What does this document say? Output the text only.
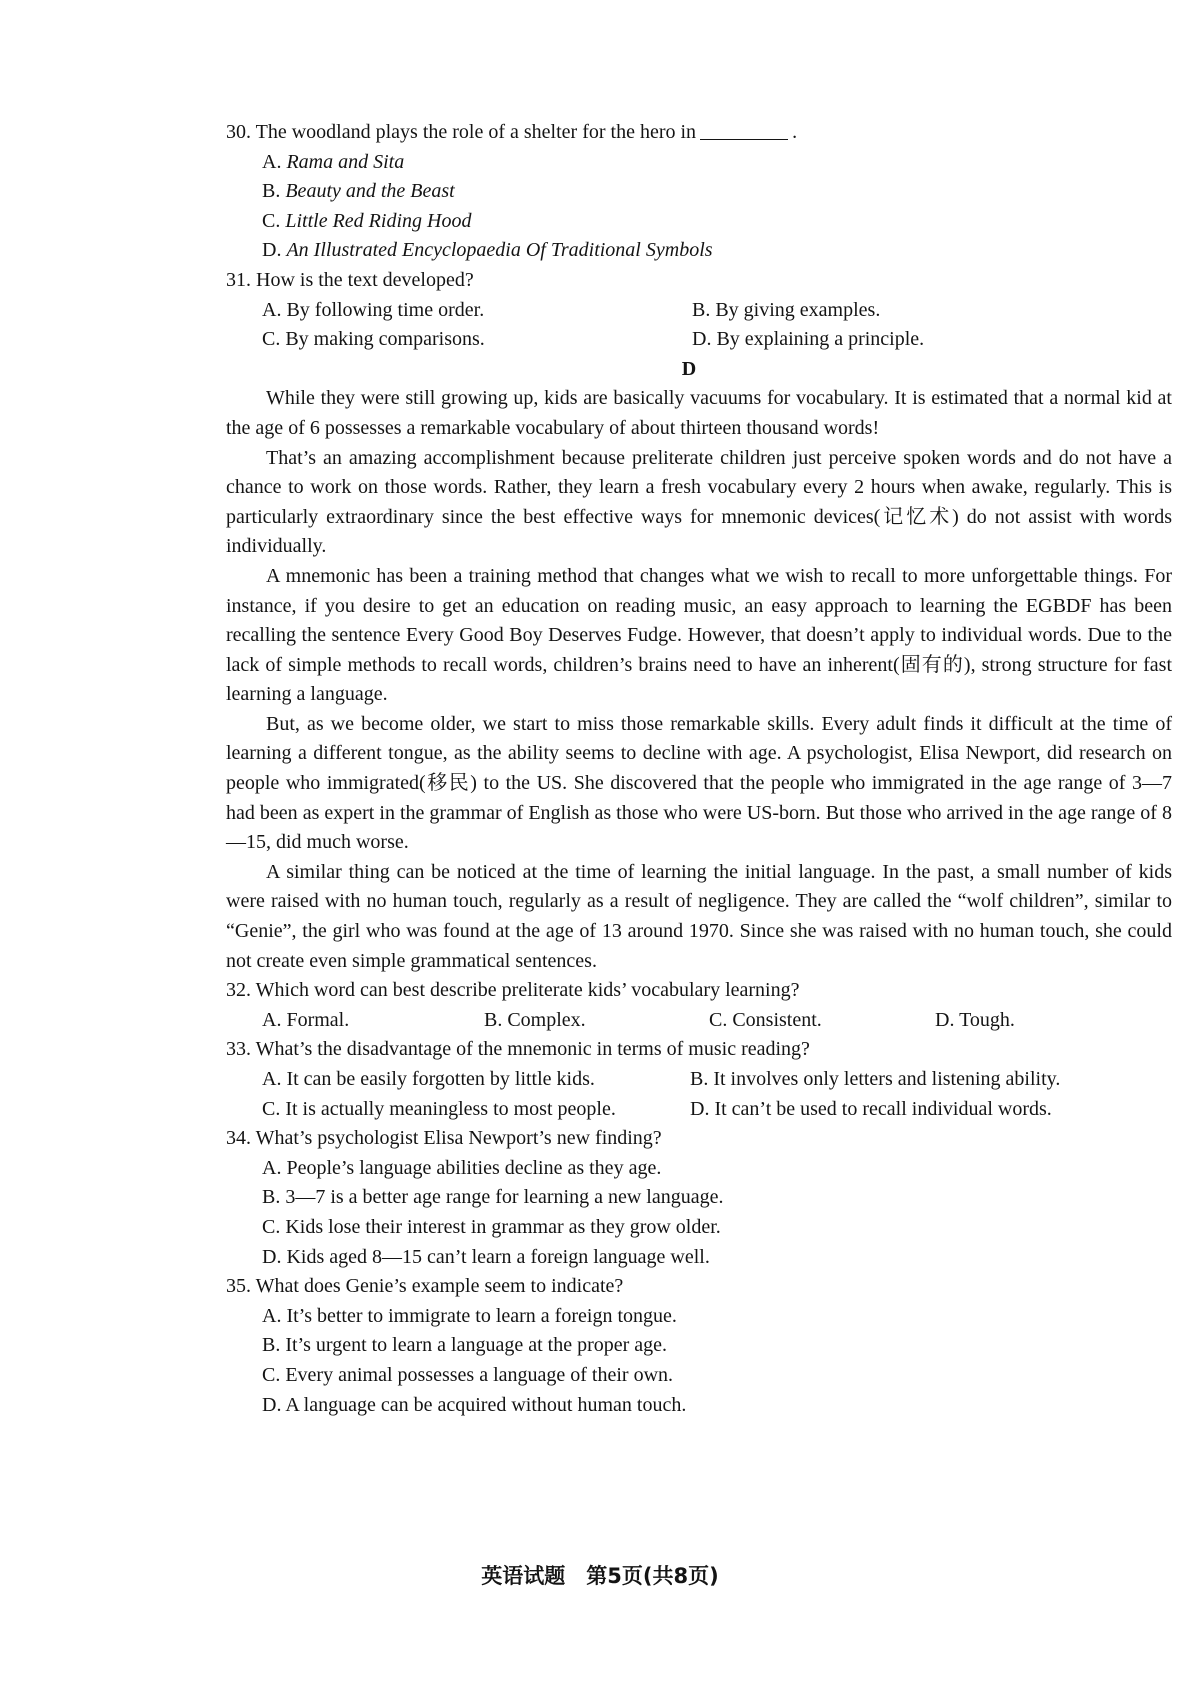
30. The woodland plays the role of a shelter for the hero in	.

A. Rama and Sita

B. Beauty and the Beast

C. Little Red Riding Hood

D. An Illustrated Encyclopaedia Of Traditional Symbols

31. How is the text developed?

A. By following time order.	B. By giving examples.
C. By making comparisons.	D. By explaining a principle.

D

While they were still growing up, kids are basically vacuums for vocabulary. It is estimated that a normal kid at the age of 6 possesses a remarkable vocabulary of about thirteen thousand words!

That’s an amazing accomplishment because preliterate children just perceive spoken words and do not have a chance to work on those words. Rather, they learn a fresh vocabulary every 2 hours when awake, regularly. This is particularly extraordinary since the best effective ways for mnemonic devices(记忆术) do not assist with words individually.

A mnemonic has been a training method that changes what we wish to recall to more unforgettable things. For instance, if you desire to get an education on reading music, an easy approach to learning the EGBDF has been recalling the sentence Every Good Boy Deserves Fudge. However, that doesn’t apply to individual words. Due to the lack of simple methods to recall words, children’s brains need to have an inherent(固有的), strong structure for fast learning a language.

But, as we become older, we start to miss those remarkable skills. Every adult finds it difficult at the time of learning a different tongue, as the ability seems to decline with age. A psychologist, Elisa Newport, did research on people who immigrated(移民) to the US. She discovered that the people who immigrated in the age range of 3—7 had been as expert in the grammar of English as those who were US-born. But those who arrived in the age range of 8—15, did much worse.

A similar thing can be noticed at the time of learning the initial language. In the past, a small number of kids were raised with no human touch, regularly as a result of negligence. They are called the “wolf children”, similar to “Genie”, the girl who was found at the age of 13 around 1970. Since she was raised with no human touch, she could not create even simple grammatical sentences.

32. Which word can best describe preliterate kids’ vocabulary learning?

A. Formal.	B. Complex.	C. Consistent.	D. Tough.

33. What’s the disadvantage of the mnemonic in terms of music reading?

A. It can be easily forgotten by little kids.	B. It involves only letters and listening ability.
C. It is actually meaningless to most people.	D. It can’t be used to recall individual words.

34. What’s psychologist Elisa Newport’s new finding?

A. People’s language abilities decline as they age.

B. 3—7 is a better age range for learning a new language.

C. Kids lose their interest in grammar as they grow older.

D. Kids aged 8—15 can’t learn a foreign language well.

35. What does Genie’s example seem to indicate?

A. It’s better to immigrate to learn a foreign tongue.

B. It’s urgent to learn a language at the proper age.

C. Every animal possesses a language of their own.

D. A language can be acquired without human touch.

英语试题　第5页(共8页)
